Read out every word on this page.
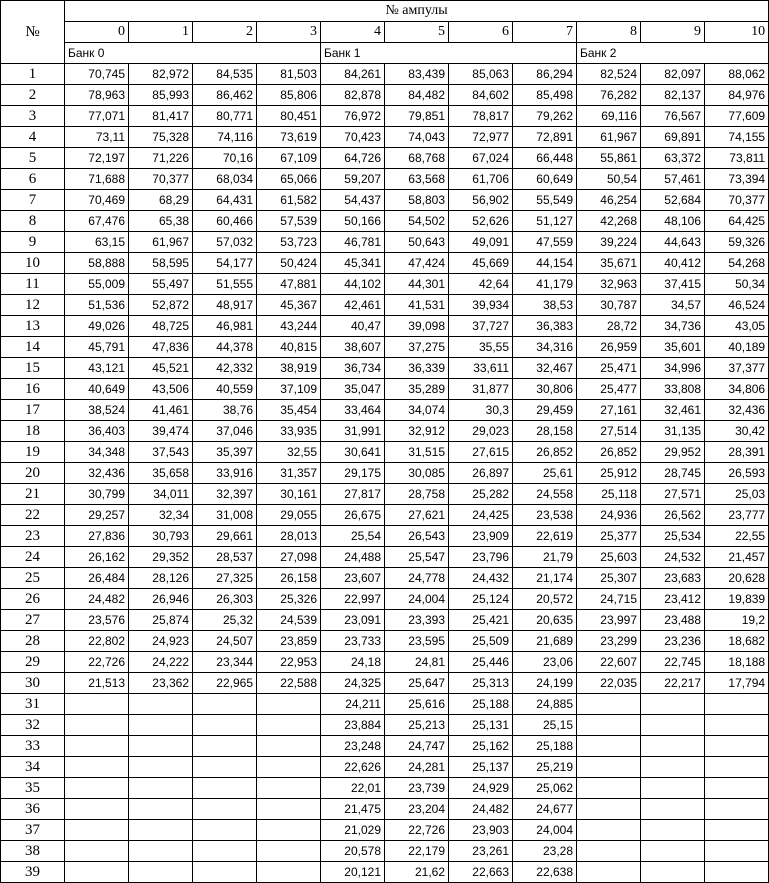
№	№ ампулы										
	0	1	2	3	4	5	6	7	8	9	10
	Банк 0				Банк 1				Банк 2		
1	70,745	82,972	84,535	81,503	84,261	83,439	85,063	86,294	82,524	82,097	88,062
2	78,963	85,993	86,462	85,806	82,878	84,482	84,602	85,498	76,282	82,137	84,976
3	77,071	81,417	80,771	80,451	76,972	79,851	78,817	79,262	69,116	76,567	77,609
4	73,11	75,328	74,116	73,619	70,423	74,043	72,977	72,891	61,967	69,891	74,155
5	72,197	71,226	70,16	67,109	64,726	68,768	67,024	66,448	55,861	63,372	73,811
6	71,688	70,377	68,034	65,066	59,207	63,568	61,706	60,649	50,54	57,461	73,394
7	70,469	68,29	64,431	61,582	54,437	58,803	56,902	55,549	46,254	52,684	70,377
8	67,476	65,38	60,466	57,539	50,166	54,502	52,626	51,127	42,268	48,106	64,425
9	63,15	61,967	57,032	53,723	46,781	50,643	49,091	47,559	39,224	44,643	59,326
10	58,888	58,595	54,177	50,424	45,341	47,424	45,669	44,154	35,671	40,412	54,268
11	55,009	55,497	51,555	47,881	44,102	44,301	42,64	41,179	32,963	37,415	50,34
12	51,536	52,872	48,917	45,367	42,461	41,531	39,934	38,53	30,787	34,57	46,524
13	49,026	48,725	46,981	43,244	40,47	39,098	37,727	36,383	28,72	34,736	43,05
14	45,791	47,836	44,378	40,815	38,607	37,275	35,55	34,316	26,959	35,601	40,189
15	43,121	45,521	42,332	38,919	36,734	36,339	33,611	32,467	25,471	34,996	37,377
16	40,649	43,506	40,559	37,109	35,047	35,289	31,877	30,806	25,477	33,808	34,806
17	38,524	41,461	38,76	35,454	33,464	34,074	30,3	29,459	27,161	32,461	32,436
18	36,403	39,474	37,046	33,935	31,991	32,912	29,023	28,158	27,514	31,135	30,42
19	34,348	37,543	35,397	32,55	30,641	31,515	27,615	26,852	26,852	29,952	28,391
20	32,436	35,658	33,916	31,357	29,175	30,085	26,897	25,61	25,912	28,745	26,593
21	30,799	34,011	32,397	30,161	27,817	28,758	25,282	24,558	25,118	27,571	25,03
22	29,257	32,34	31,008	29,055	26,675	27,621	24,425	23,538	24,936	26,562	23,777
23	27,836	30,793	29,661	28,013	25,54	26,543	23,909	22,619	25,377	25,534	22,55
24	26,162	29,352	28,537	27,098	24,488	25,547	23,796	21,79	25,603	24,532	21,457
25	26,484	28,126	27,325	26,158	23,607	24,778	24,432	21,174	25,307	23,683	20,628
26	24,482	26,946	26,303	25,326	22,997	24,004	25,124	20,572	24,715	23,412	19,839
27	23,576	25,874	25,32	24,539	23,091	23,393	25,421	20,635	23,997	23,488	19,2
28	22,802	24,923	24,507	23,859	23,733	23,595	25,509	21,689	23,299	23,236	18,682
29	22,726	24,222	23,344	22,953	24,18	24,81	25,446	23,06	22,607	22,745	18,188
30	21,513	23,362	22,965	22,588	24,325	25,647	25,313	24,199	22,035	22,217	17,794
31					24,211	25,616	25,188	24,885			
32					23,884	25,213	25,131	25,15			
33					23,248	24,747	25,162	25,188			
34					22,626	24,281	25,137	25,219			
35					22,01	23,739	24,929	25,062			
36					21,475	23,204	24,482	24,677			
37					21,029	22,726	23,903	24,004			
38					20,578	22,179	23,261	23,28			
39					20,121	21,62	22,663	22,638			
